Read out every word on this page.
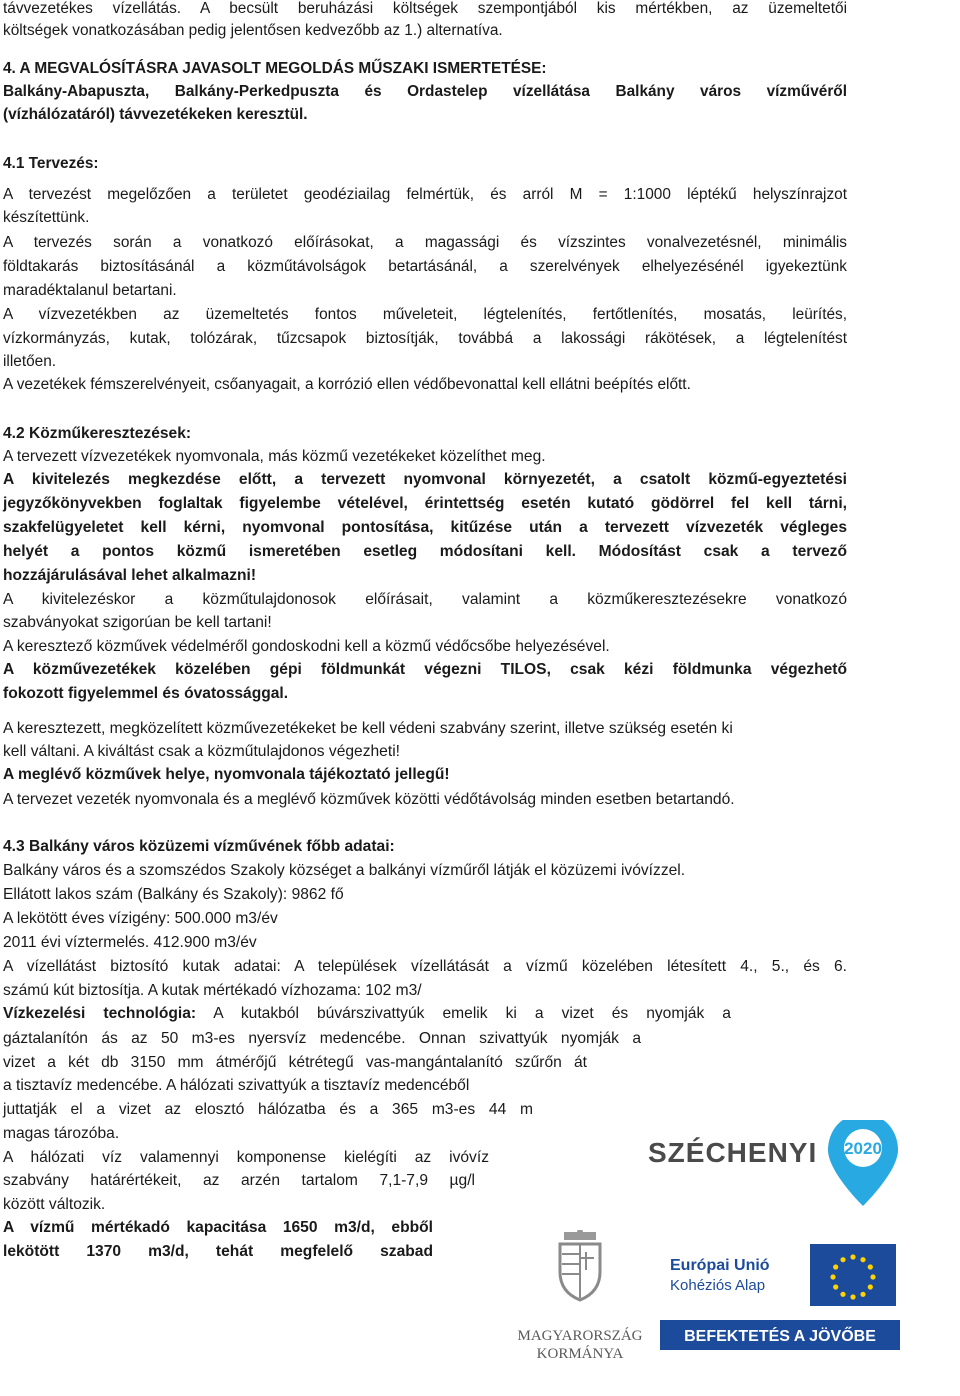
távvezetékes vízellátás. A becsült beruházási költségek szempontjából kis mértékben, az üzemeltetői
költségek vonatkozásában pedig jelentősen kedvezőbb az 1.) alternatíva.
4. A MEGVALÓSÍTÁSRA JAVASOLT MEGOLDÁS MŰSZAKI ISMERTETÉSE:
Balkány-Abapuszta, Balkány-Perkedpuszta és Ordastelep vízellátása Balkány város vízművéről
(vízhálózatáról) távvezetékeken keresztül.
4.1 Tervezés:
A tervezést megelőzően a területet geodéziailag felmértük, és arról M = 1:1000 léptékű helyszínrajzot
készítettünk.
A tervezés során a vonatkozó előírásokat, a magassági és vízszintes vonalvezetésnél, minimális
földtakarás biztosításánál a közműtávolságok betartásánál, a szerelvények elhelyezésénél igyekeztünk
maradéktalanul betartani.
A vízvezetékben az üzemeltetés fontos műveleteit, légtelenítés, fertőtlenítés, mosatás, leürítés,
vízkormányzás, kutak, tolózárak, tűzcsapok biztosítják, továbbá a lakossági rákötések, a légtelenítést
illetően.
A vezetékek fémszerelvényeit, csőanyagait, a korrózió ellen védőbevonattal kell ellátni beépítés előtt.
4.2 Közműkeresztezések:
A tervezett vízvezetékek nyomvonala, más közmű vezetékeket közelíthet meg.
A kivitelezés megkezdése előtt, a tervezett nyomvonal környezetét, a csatolt közmű-egyeztetési
jegyzőkönyvekben foglaltak figyelembe vételével, érintettség esetén kutató gödörrel fel kell tárni,
szakfelügyeletet kell kérni, nyomvonal pontosítása, kitűzése után a tervezett vízvezeték végleges
helyét a pontos közmű ismeretében esetleg módosítani kell. Módosítást csak a tervező
hozzájárulásával lehet alkalmazni!
A kivitelezéskor a közműtulajdonosok előírásait, valamint a közműkeresztezésekre vonatkozó
szabványokat szigorúan be kell tartani!
A keresztező közművek védelméről gondoskodni kell a közmű védőcsőbe helyezésével.
A közművezetékek közelében gépi földmunkát végezni TILOS, csak kézi földmunka végezhető
fokozott figyelemmel és óvatossággal.
A keresztezett, megközelített közművezetékeket be kell védeni szabvány szerint, illetve szükség esetén ki
kell váltani. A kiváltást csak a közműtulajdonos végezheti!
A meglévő közművek helye, nyomvonala tájékoztató jellegű!
A tervezet vezeték nyomvonala és a meglévő közművek közötti védőtávolság minden esetben betartandó.
4.3 Balkány város közüzemi vízművének főbb adatai:
Balkány város és a szomszédos Szakoly községet a balkányi vízműről látják el közüzemi ivóvízzel.
Ellátott lakos szám (Balkány és Szakoly): 9862 fő
A lekötött éves vízigény: 500.000 m3/év
2011 évi víztermelés. 412.900 m3/év
A vízellátást biztosító kutak adatai: A települések vízellátását a vízmű közelében létesített 4., 5., és 6.
számú kút biztosítja. A kutak mértékadó vízhozama: 102 m3/
Vízkezelési technológia: A kutakból búvárszivattyúk emelik ki a vizet és nyomják a
gáztalanítón ás az 50 m3-es nyersvíz medencébe. Onnan szivattyúk nyomják a
vizet a két db 3150 mm átmérőjű kétrétegű vas-mangántalanító szűrőn át
a tisztavíz medencébe. A hálózati szivattyúk a tisztavíz medencéből
juttatják el a vizet az elosztó hálózatba és a 365 m3-es 44 m
magas tározóba.
A hálózati víz valamennyi komponense kielégíti az ivóvíz
szabvány határértékeit, az arzén tartalom 7,1-7,9 µg/l
között változik.
A vízmű mértékadó kapacitása 1650 m3/d, ebből
lekötött 1370 m3/d, tehát megfelelő szabad
SZÉCHENYI 2020
MAGYARORSZÁG
KORMÁNYA
Európai Unió
Kohéziós Alap
BEFEKTETÉS A JÖVŐBE
